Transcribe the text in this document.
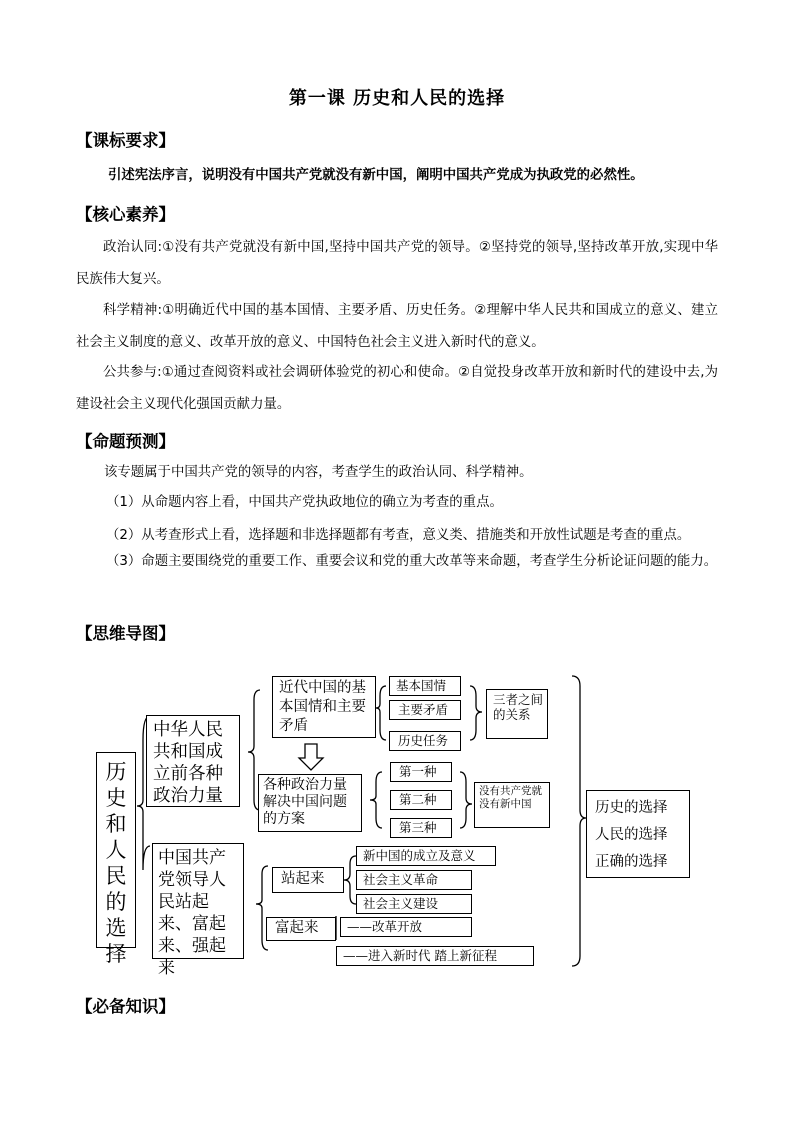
第一课 历史和人民的选择
【课标要求】
引述宪法序言，说明没有中国共产党就没有新中国，阐明中国共产党成为执政党的必然性。
【核心素养】
政治认同:①没有共产党就没有新中国,坚持中国共产党的领导。②坚持党的领导,坚持改革开放,实现中华民族伟大复兴。
科学精神:①明确近代中国的基本国情、主要矛盾、历史任务。②理解中华人民共和国成立的意义、建立社会主义制度的意义、改革开放的意义、中国特色社会主义进入新时代的意义。
公共参与:①通过查阅资料或社会调研体验党的初心和使命。②自觉投身改革开放和新时代的建设中去,为建设社会主义现代化强国贡献力量。
【命题预测】
该专题属于中国共产党的领导的内容，考查学生的政治认同、科学精神。
（1）从命题内容上看，中国共产党执政地位的确立为考查的重点。
（2）从考查形式上看，选择题和非选择题都有考查，意义类、措施类和开放性试题是考查的重点。
（3）命题主要围绕党的重要工作、重要会议和党的重大改革等来命题，考查学生分析论证问题的能力。
【思维导图】
历史和人民的选择
中华人民共和国成立前各种政治力量
中国共产党领导人民站起来、富起来、强起来
近代中国的基本国情和主要矛盾
基本国情
主要矛盾
历史任务
三者之间的关系
各种政治力量解决中国问题的方案
第一种
第二种
第三种
没有共产党就没有新中国
站起来
新中国的成立及意义
社会主义革命
社会主义建设
富起来	——改革开放
——进入新时代 踏上新征程
历史的选择
人民的选择
正确的选择
【必备知识】
